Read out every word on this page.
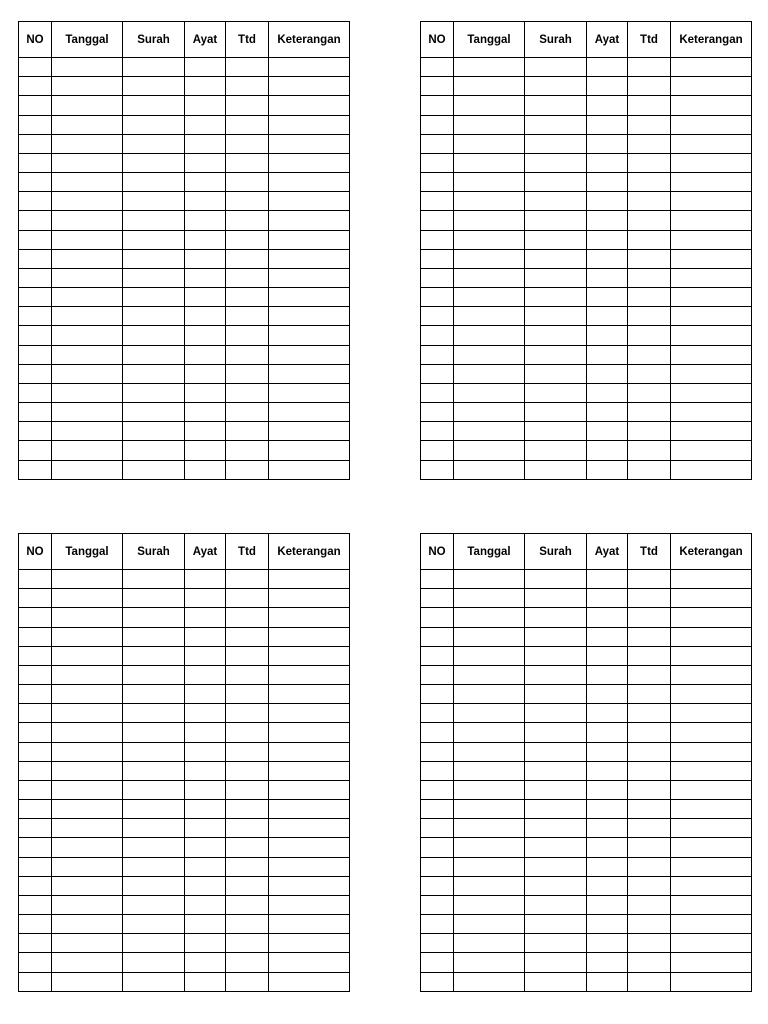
NO	Tanggal	Surah	Ayat	Ttd	Keterangan

						NO	Tanggal	Surah	Ayat	Ttd	Keterangan

NO	Tanggal	Surah	Ayat	Ttd	Keterangan

						NO	Tanggal	Surah	Ayat	Ttd	Keterangan
